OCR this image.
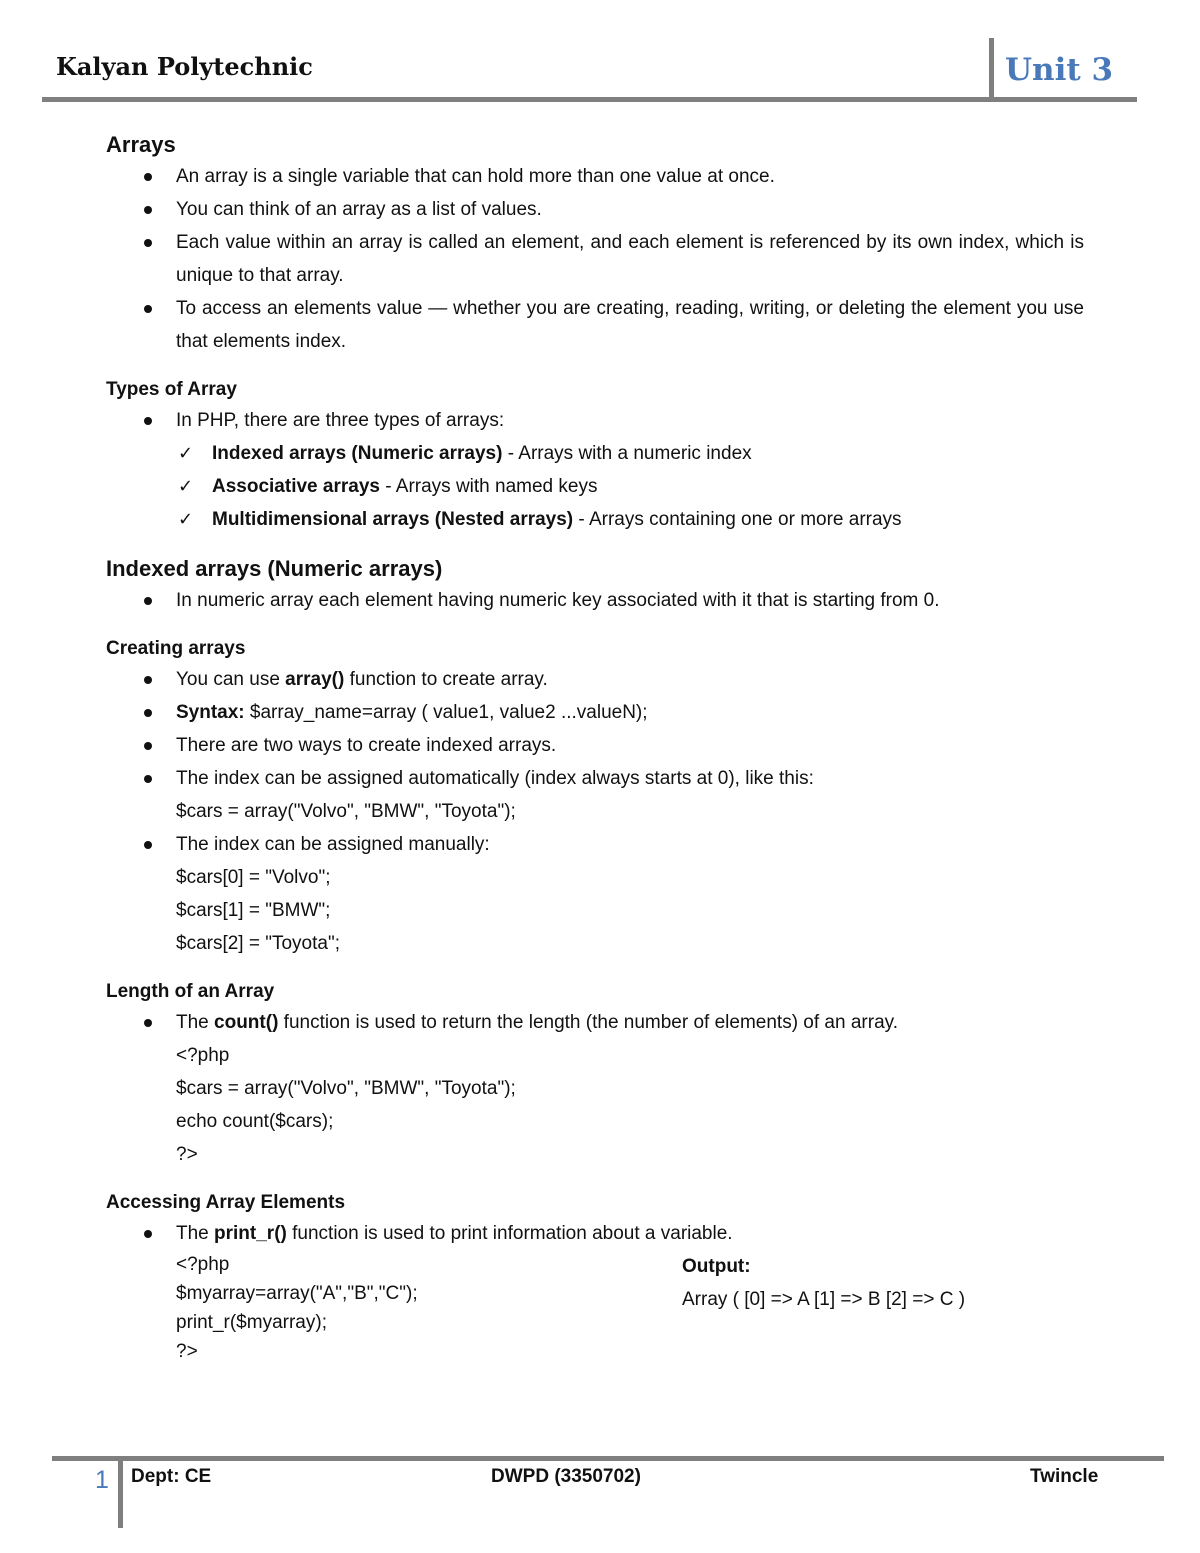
Kalyan Polytechnic	Unit 3
Arrays
An array is a single variable that can hold more than one value at once.
You can think of an array as a list of values.
Each value within an array is called an element, and each element is referenced by its own index, which is unique to that array.
To access an elements value — whether you are creating, reading, writing, or deleting the element you use that elements index.
Types of Array
In PHP, there are three types of arrays:
✓ Indexed arrays (Numeric arrays) - Arrays with a numeric index
✓ Associative arrays - Arrays with named keys
✓ Multidimensional arrays (Nested arrays) - Arrays containing one or more arrays
Indexed arrays (Numeric arrays)
In numeric array each element having numeric key associated with it that is starting from 0.
Creating arrays
You can use array() function to create array.
Syntax: $array_name=array ( value1, value2 ...valueN);
There are two ways to create indexed arrays.
The index can be assigned automatically (index always starts at 0), like this:
$cars = array("Volvo", "BMW", "Toyota");
The index can be assigned manually:
$cars[0] = "Volvo";
$cars[1] = "BMW";
$cars[2] = "Toyota";
Length of an Array
The count() function is used to return the length (the number of elements) of an array.
<?php
$cars = array("Volvo", "BMW", "Toyota");
echo count($cars);
?>
Accessing Array Elements
The print_r() function is used to print information about a variable.
<?php
$myarray=array("A","B","C");
print_r($myarray);
?>
Output:
Array ( [0] => A [1] => B [2] => C )
1 Dept: CE	DWPD (3350702)	Twincle
